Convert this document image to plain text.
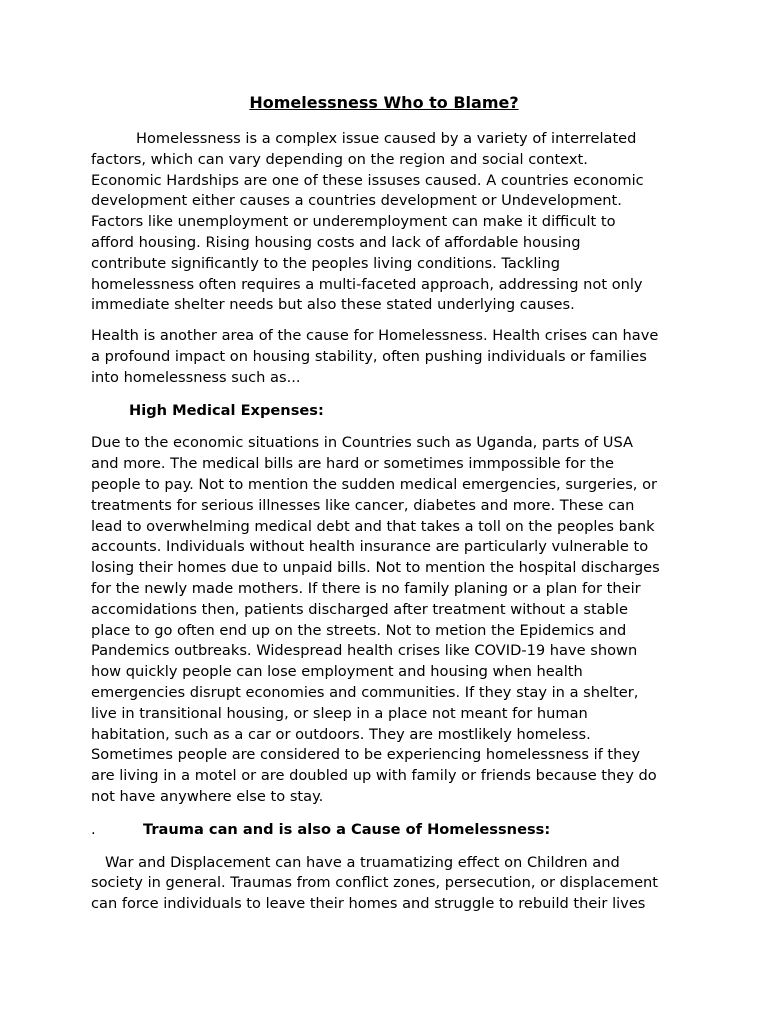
Homelessness Who to Blame?

Homelessness is a complex issue caused by a variety of interrelated
factors, which can vary depending on the region and social context.
Economic Hardships are one of these issuses caused. A countries economic
development either causes a countries development or Undevelopment.
Factors like unemployment or underemployment can make it difficult to
afford housing. Rising housing costs and lack of affordable housing
contribute significantly to the peoples living conditions. Tackling
homelessness often requires a multi-faceted approach, addressing not only
immediate shelter needs but also these stated underlying causes.

Health is another area of the cause for Homelessness. Health crises can have
a profound impact on housing stability, often pushing individuals or families
into homelessness such as...

High Medical Expenses:

Due to the economic situations in Countries such as Uganda, parts of USA
and more. The medical bills are hard or sometimes immpossible for the
people to pay. Not to mention the sudden medical emergencies, surgeries, or
treatments for serious illnesses like cancer, diabetes and more. These can
lead to overwhelming medical debt and that takes a toll on the peoples bank
accounts. Individuals without health insurance are particularly vulnerable to
losing their homes due to unpaid bills. Not to mention the hospital discharges
for the newly made mothers. If there is no family planing or a plan for their
accomidations then, patients discharged after treatment without a stable
place to go often end up on the streets. Not to metion the Epidemics and
Pandemics outbreaks. Widespread health crises like COVID-19 have shown
how quickly people can lose employment and housing when health
emergencies disrupt economies and communities. If they stay in a shelter,
live in transitional housing, or sleep in a place not meant for human
habitation, such as a car or outdoors. They are mostlikely homeless.
Sometimes people are considered to be experiencing homelessness if they
are living in a motel or are doubled up with family or friends because they do
not have anywhere else to stay.

.	Trauma can and is also a Cause of Homelessness:

War and Displacement can have a truamatizing effect on Children and
society in general. Traumas from conflict zones, persecution, or displacement
can force individuals to leave their homes and struggle to rebuild their lives
